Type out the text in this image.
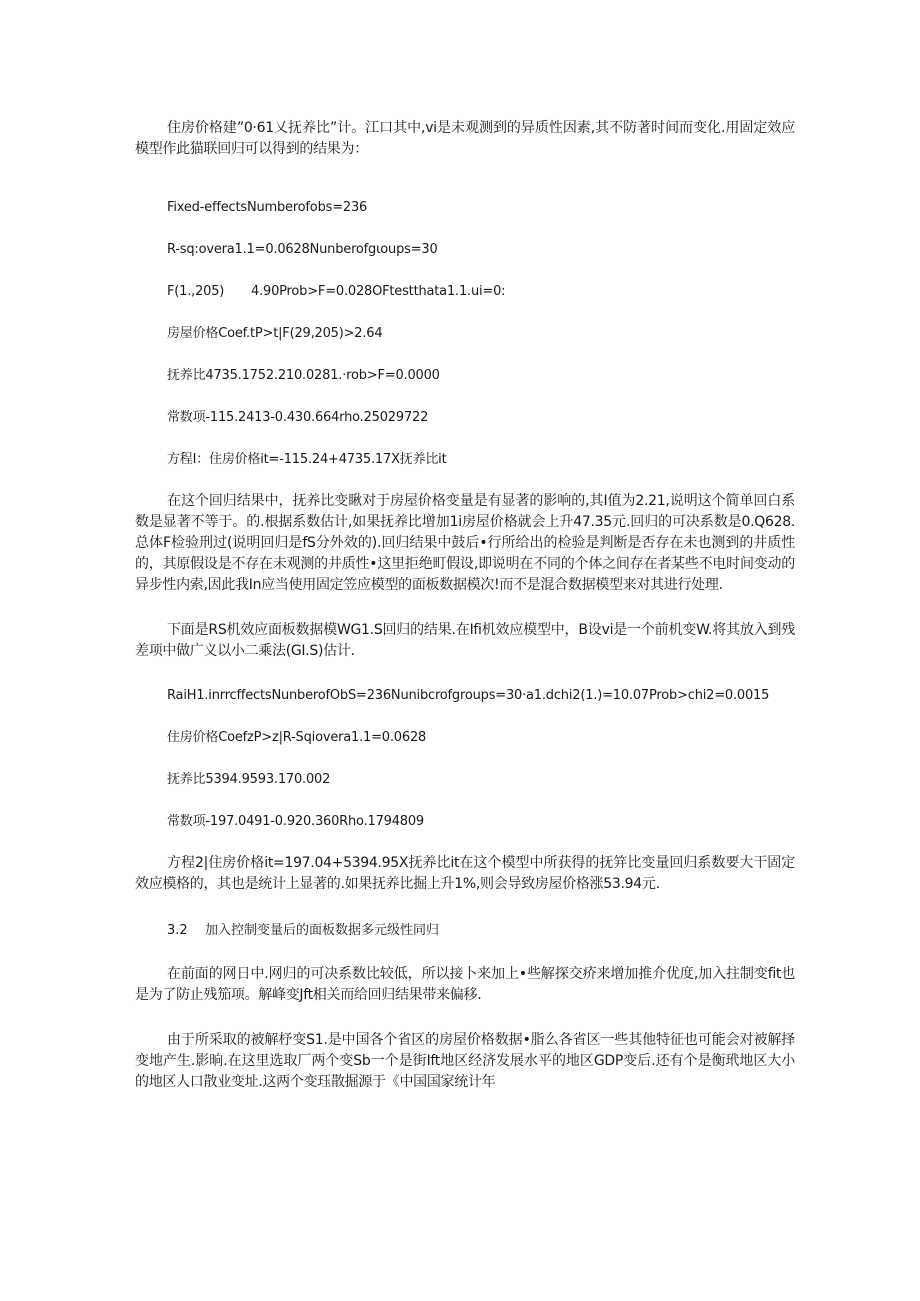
住房价格建”0·61乂抚养比”计。江口其中,vi是未观测到的异质性因素,其不防著时间而变化.用固定效应模型作此猫联回归可以得到的结果为：

Fixed-effectsNumberofobs=236

R-sq:overa1.1=0.0628Nunberofgιoups=30

F(1.,205) 4.90Prob>F=0.028OFtestthata1.1.ui=0:

房屋价格Coef.tP>t|F(29,205)>2.64

抚养比4735.1752.210.0281.·rob>F=0.0000

常数项-115.2413-0.430.664rho.25029722

方程I：住房价格it=-115.24+4735.17X抚养比it

在这个回归结果中，抚养比变瞅对于房屋价格变量是有显著的影响的,其I值为2.21,说明这个简单回白系数是显著不等于。的.根据系数估计,如果抚养比增加1i房屋价格就会上升47.35元.回归的可决系数是0.Q628.总体F检验刑过(说明回归是fS分外效的).回归结果中鼓后•行所给出的检验是判断是否存在未也测到的井质性的，其原假设是不存在未观测的井质性•这里拒绝町假设,即说明在不同的个体之间存在者某些不电时间变动的异步性内索,因此我In应当使用固定笠应模型的面板数据模次!而不是混合数据模型来对其进行处理.

下面是RS机效应面板数据模WG1.S回归的结果.在Ifi机效应模型中，B设vi是一个前机变W.将其放入到残差项中做广义以小二乘法(GI.S)估计.

RaiH1.inrrcffectsNunberofObS=236Nunibcrofgroups=30·a1.dchi2(1.)=10.07Prob>chi2=0.0015

住房价格CoefzP>z|R-Sqiovera1.1=0.0628

抚养比5394.9593.170.002

常数项-197.0491-0.920.360Rho.1794809

方程2|住房价格it=197.04+5394.95X抚养比it在这个模型中所获得的抚笄比变量回归系数要大干固定效应模格的，其也是统计上显著的.如果抚养比掘上升1%,则会导致房屋价格涨53.94元.

3.2 加入控制变量后的面板数据多元级性同归

在前面的网日中.网归的可决系数比较低，所以接卜来加上•些解探交疥来增加推介优度,加入拄制变fit也是为了防止残笳项。解峰变Jft相关而给回归结果带来偏移.

由于所采取的被解杼变S1.是中国各个省区的房屋价格数据•脂么各省区一些其他特征也可能会对被解择变地产生.影晌.在这里选取厂两个变Sb一个是街Ift地区经济发展水平的地区GDP变后.还有个是衡玳地区大小的地区人口散业变址.这两个变珏散掘源于《中国国家统计年
